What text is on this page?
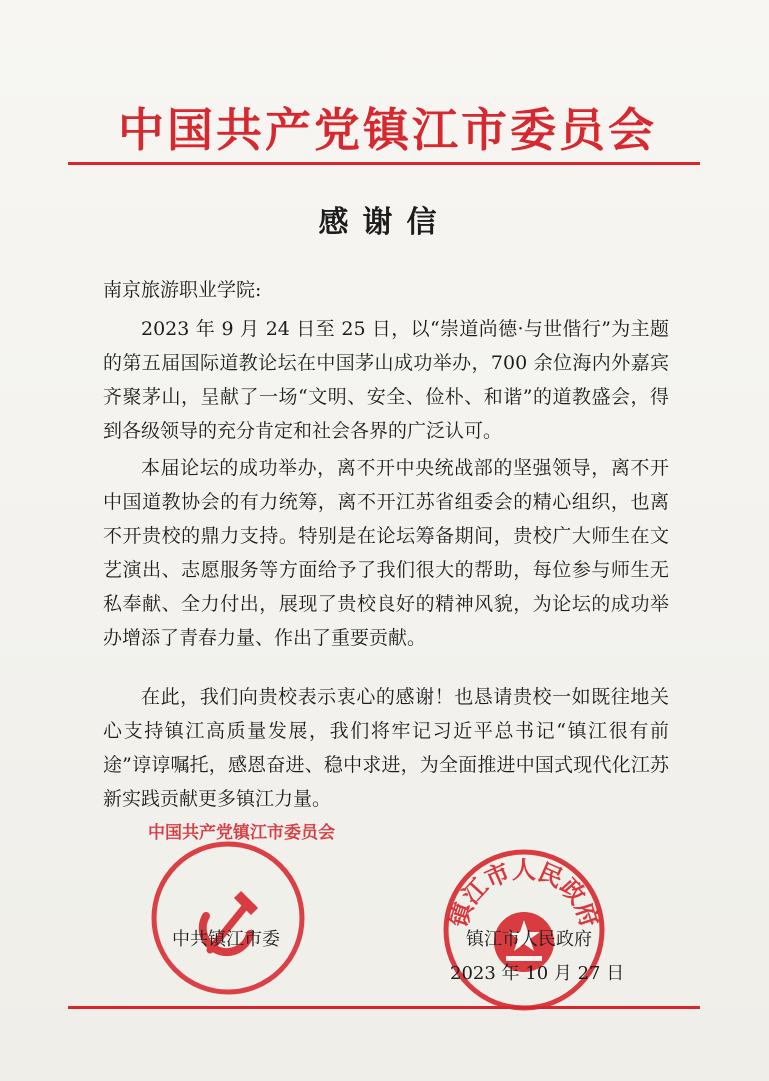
中国共产党镇江市委员会
感谢信
南京旅游职业学院:

2023 年 9 月 24 日至 25 日，以“崇道尚德·与世偕行”为主题的第五届国际道教论坛在中国茅山成功举办，700 余位海内外嘉宾齐聚茅山，呈献了一场“文明、安全、俭朴、和谐”的道教盛会，得到各级领导的充分肯定和社会各界的广泛认可。

本届论坛的成功举办，离不开中央统战部的坚强领导，离不开中国道教协会的有力统筹，离不开江苏省组委会的精心组织，也离不开贵校的鼎力支持。特别是在论坛筹备期间，贵校广大师生在文艺演出、志愿服务等方面给予了我们很大的帮助，每位参与师生无私奉献、全力付出，展现了贵校良好的精神风貌，为论坛的成功举办增添了青春力量、作出了重要贡献。

在此，我们向贵校表示衷心的感谢！也恳请贵校一如既往地关心支持镇江高质量发展，我们将牢记习近平总书记“镇江很有前途”谆谆嘱托，感恩奋进、稳中求进，为全面推进中国式现代化江苏新实践贡献更多镇江力量。

中国共产党镇江市委员会
镇江市人民政府
中共镇江市委	镇江市人民政府
2023 年 10 月 27 日
